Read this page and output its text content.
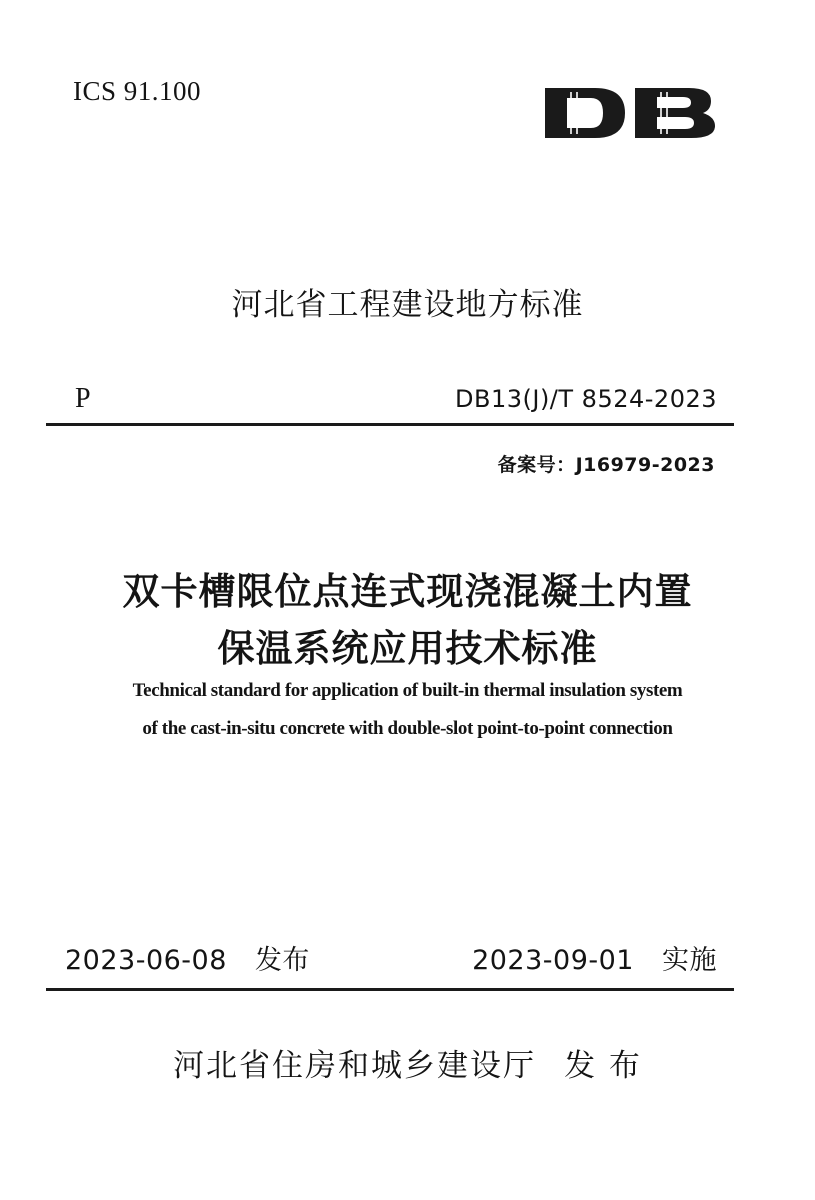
ICS 91.100
河北省工程建设地方标准
P	DB13(J)/T 8524-2023
备案号：J16979-2023
双卡槽限位点连式现浇混凝土内置
保温系统应用技术标准
Technical standard for application of built-in thermal insulation system
of the cast-in-situ concrete with double-slot point-to-point connection
2023-06-08 发布	2023-09-01 实施
河北省住房和城乡建设厅 发 布
